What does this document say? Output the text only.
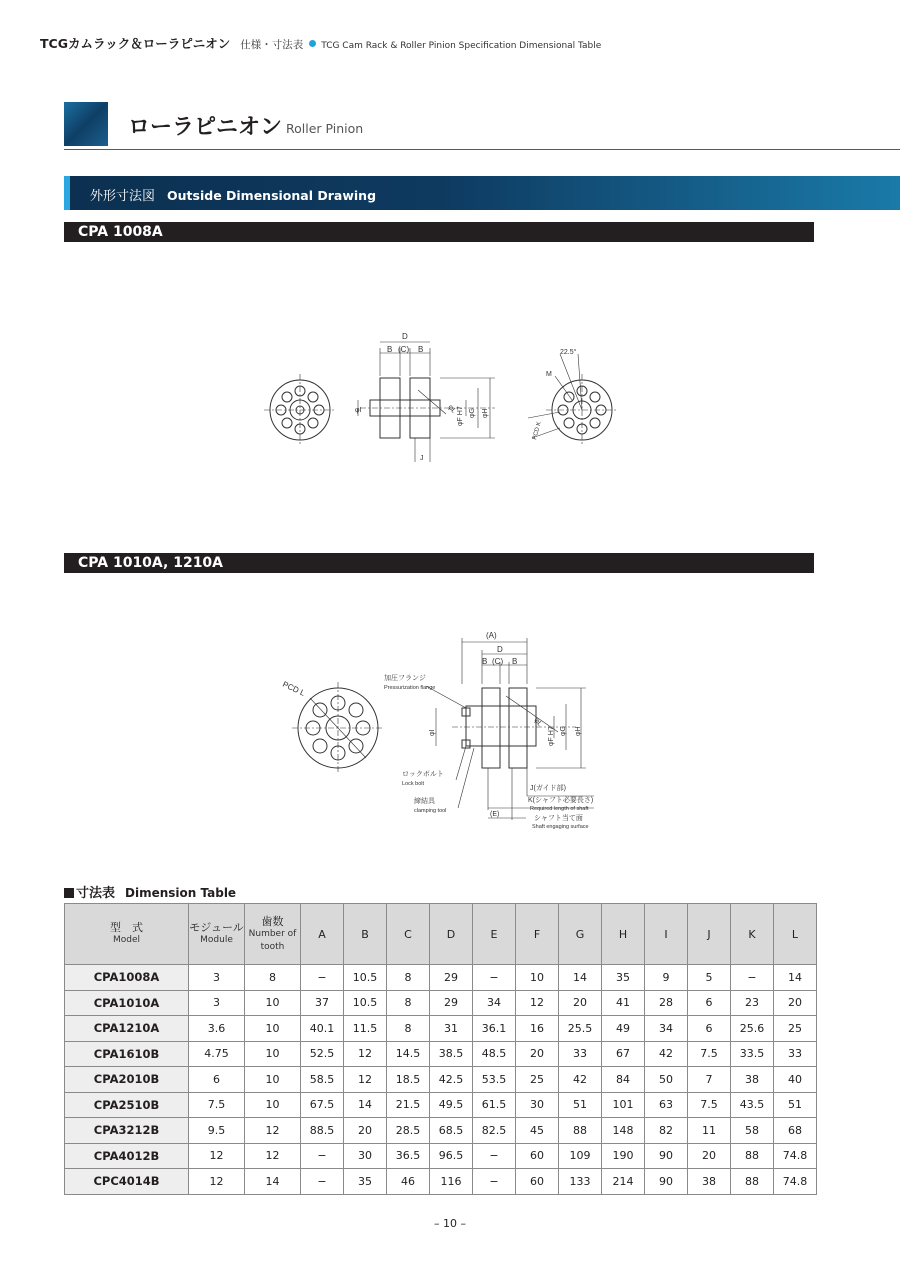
TCGカムラック＆ローラピニオン 仕様・寸法表 TCG Cam Rack & Roller Pinion Specification Dimensional Table
ローラピニオン Roller Pinion
外形寸法図 Outside Dimensional Drawing
CPA 1008A
D
B (C) B
φI	φL φF H7 φG φH
J
22.5°
M
PCD K
CPA 1010A, 1210A
(A)
D
B (C) B
PCD L
φI
φL
φF H7 φG φH
加圧フランジ
Pressurization flange
ロックボルト
Lock bolt
締結具
clamping tool
J(ガイド部)
K(シャフト必要長さ)
Required length of shaft
シャフト当て面
Shaft engaging surface
(E)
寸法表 Dimension Table
型　式
Model	モジュール
Module	歯数
Number of tooth	A	B	C	D	E	F	G	H	I	J	K	L
CPA1008A	3	8	−	10.5	8	29	−	10	14	35	9	5	−	14
CPA1010A	3	10	37	10.5	8	29	34	12	20	41	28	6	23	20
CPA1210A	3.6	10	40.1	11.5	8	31	36.1	16	25.5	49	34	6	25.6	25
CPA1610B	4.75	10	52.5	12	14.5	38.5	48.5	20	33	67	42	7.5	33.5	33
CPA2010B	6	10	58.5	12	18.5	42.5	53.5	25	42	84	50	7	38	40
CPA2510B	7.5	10	67.5	14	21.5	49.5	61.5	30	51	101	63	7.5	43.5	51
CPA3212B	9.5	12	88.5	20	28.5	68.5	82.5	45	88	148	82	11	58	68
CPA4012B	12	12	−	30	36.5	96.5	−	60	109	190	90	20	88	74.8
CPC4014B	12	14	−	35	46	116	−	60	133	214	90	38	88	74.8
– 10 –
